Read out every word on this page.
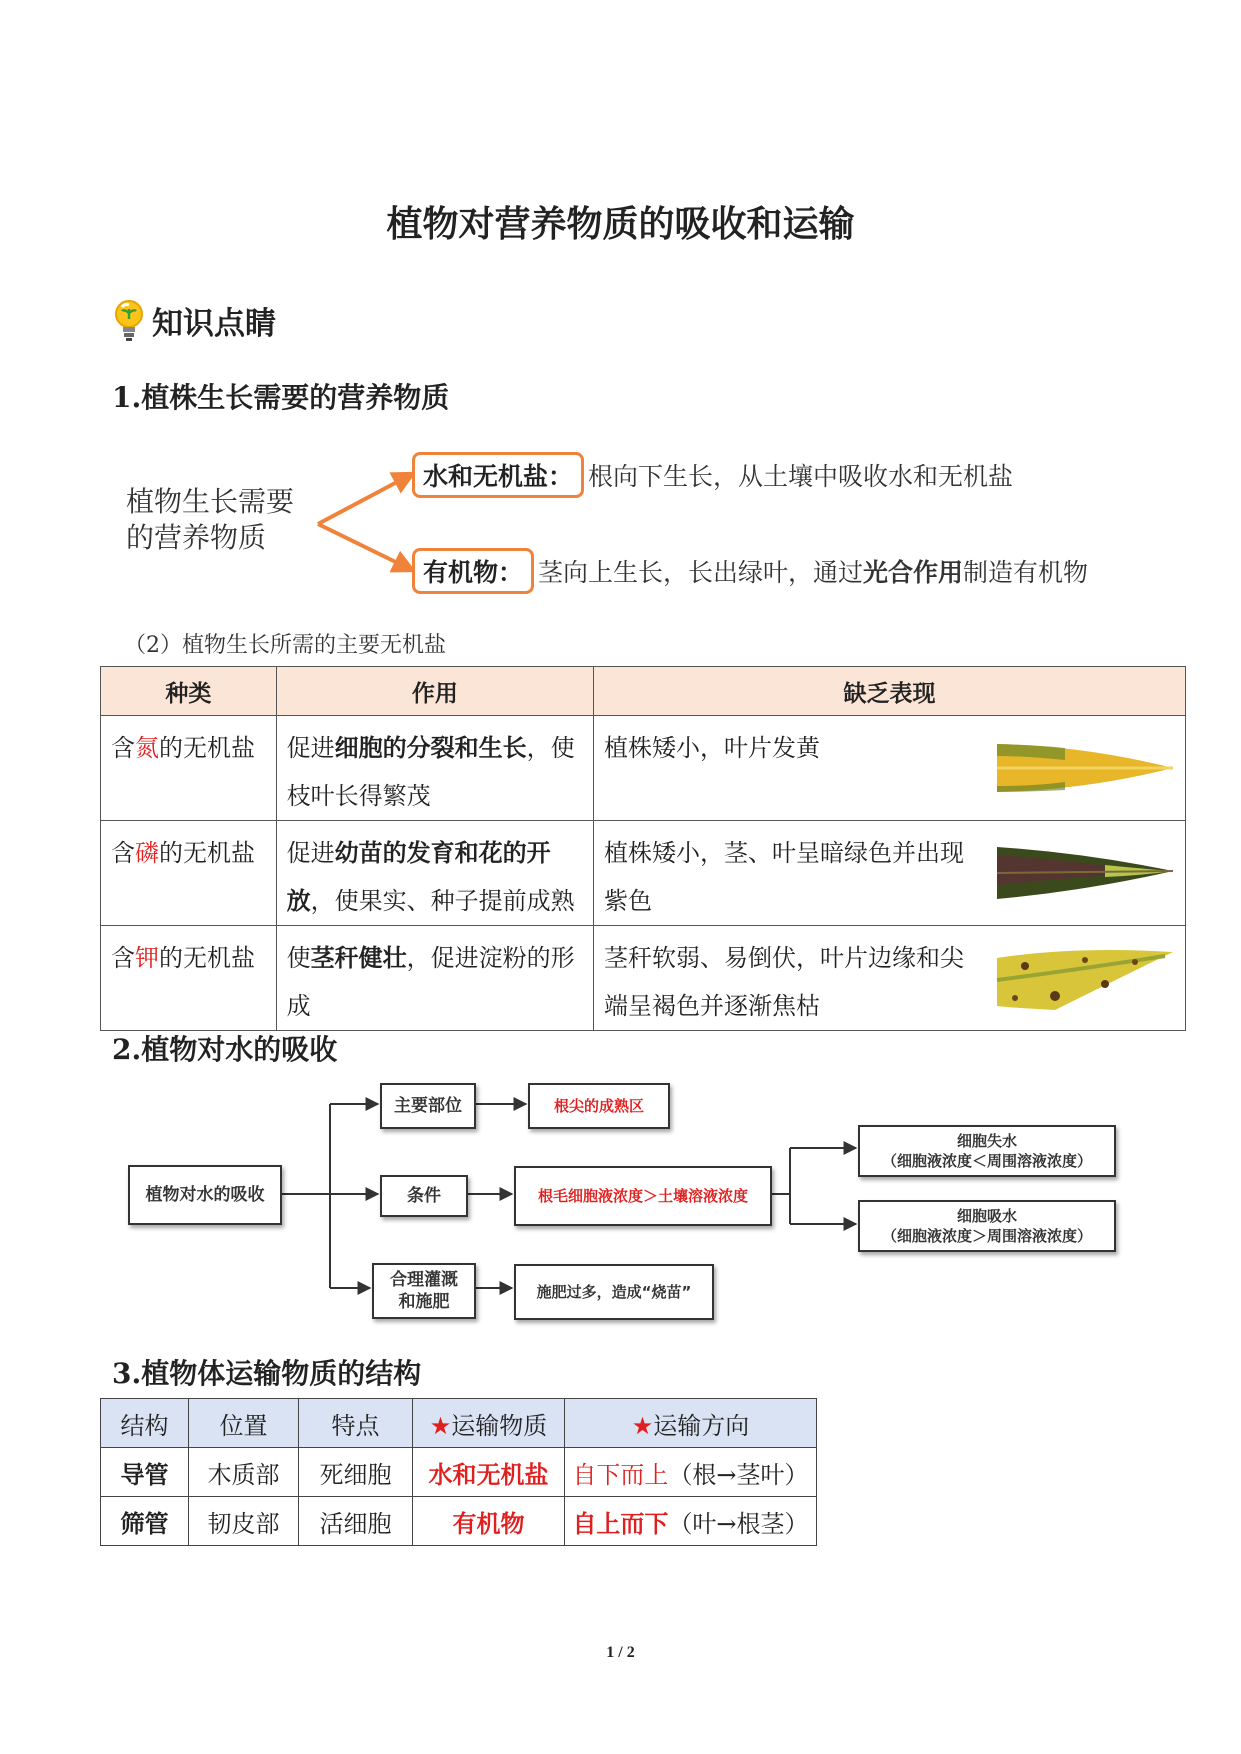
植物对营养物质的吸收和运输
知识点睛
1.植株生长需要的营养物质
植物生长需要
的营养物质
水和无机盐： 根向下生长，从土壤中吸收水和无机盐
有机物： 茎向上生长，长出绿叶，通过光合作用制造有机物
（2）植物生长所需的主要无机盐
种类	作用	缺乏表现
含氮的无机盐	促进细胞的分裂和生长，使枝叶长得繁茂	植株矮小，叶片发黄

含磷的无机盐	促进幼苗的发育和花的开放，使果实、种子提前成熟	植株矮小，茎、叶呈暗绿色并出现紫色

含钾的无机盐	使茎秆健壮，促进淀粉的形成	茎秆软弱、易倒伏，叶片边缘和尖端呈褐色并逐渐焦枯
2.植物对水的吸收
植物对水的吸收
主要部位	根尖的成熟区
条件	根毛细胞液浓度＞土壤溶液浓度
细胞失水
（细胞液浓度＜周围溶液浓度）
细胞吸水
（细胞液浓度＞周围溶液浓度）
合理灌溉
和施肥	施肥过多，造成“烧苗”
3.植物体运输物质的结构
结构	位置	特点	★运输物质	★运输方向
导管	木质部	死细胞	水和无机盐	自下而上（根→茎叶）
筛管	韧皮部	活细胞	有机物	自上而下（叶→根茎）
1 / 2
